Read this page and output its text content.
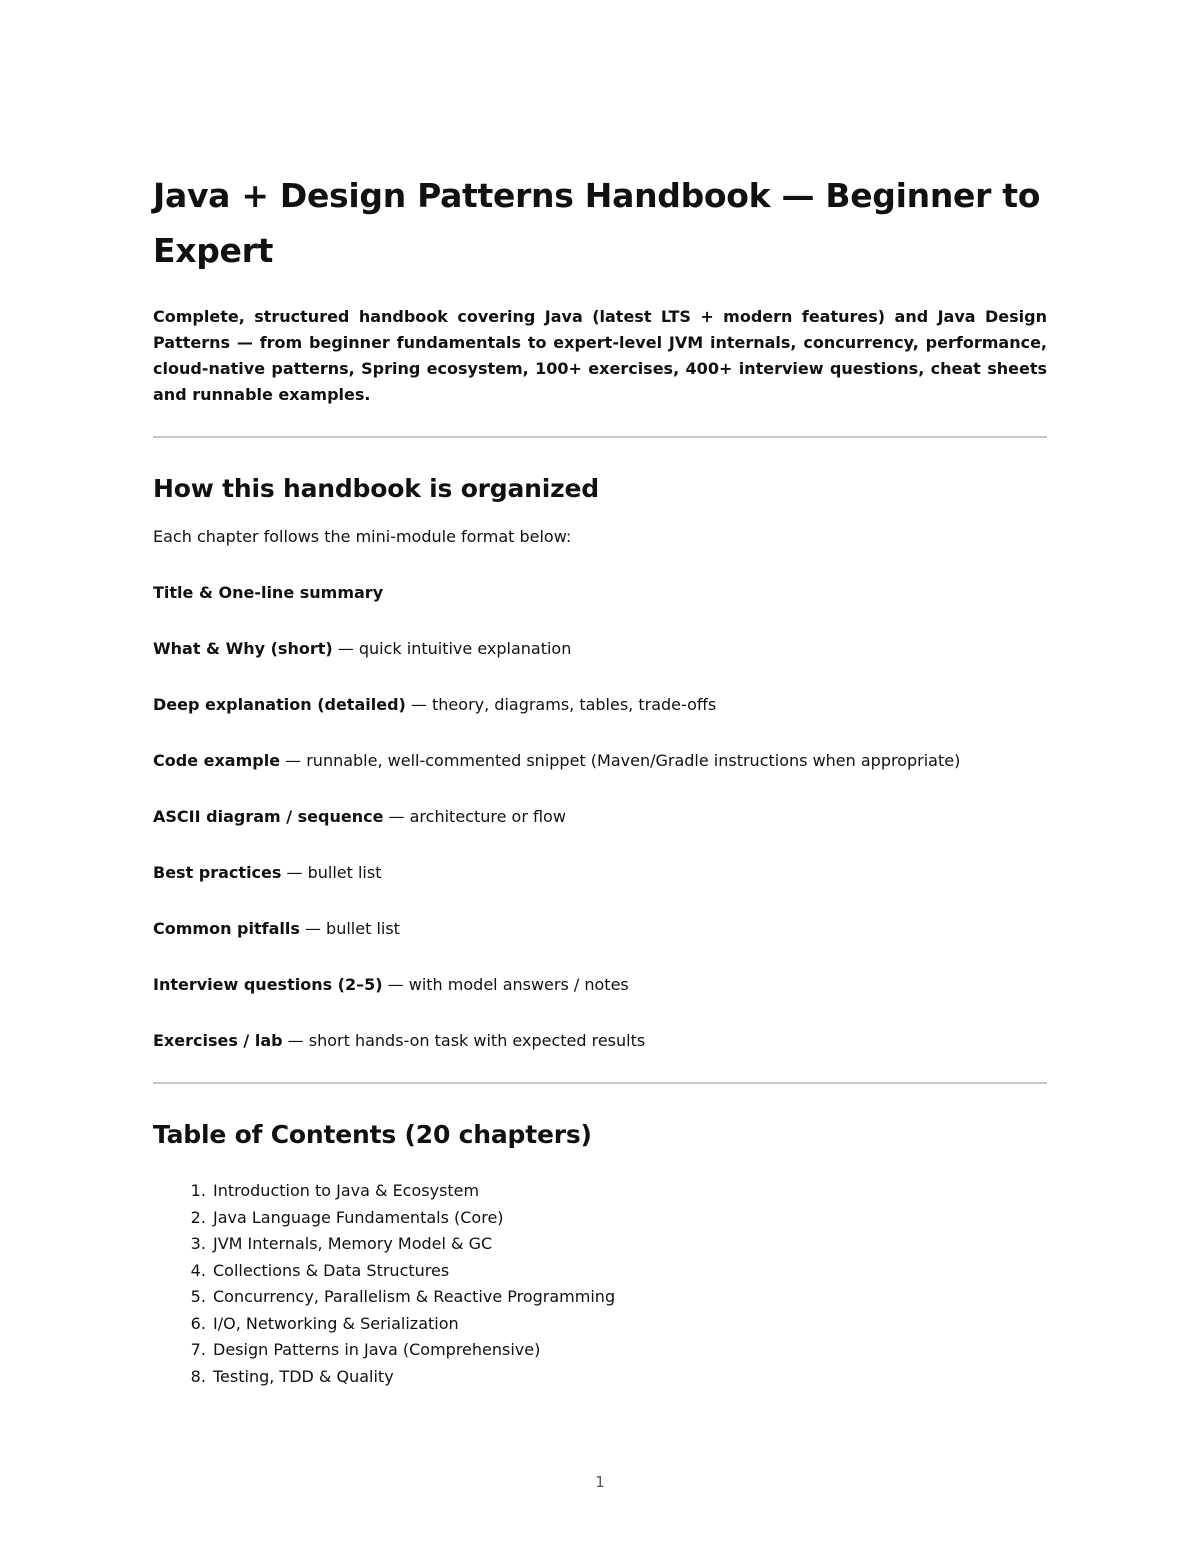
Java + Design Patterns Handbook — Beginner to Expert

Complete, structured handbook covering Java (latest LTS + modern features) and Java Design Patterns — from beginner fundamentals to expert-level JVM internals, concurrency, performance, cloud-native patterns, Spring ecosystem, 100+ exercises, 400+ interview questions, cheat sheets and runnable examples.

How this handbook is organized

Each chapter follows the mini-module format below:

Title & One-line summary

What & Why (short) — quick intuitive explanation

Deep explanation (detailed) — theory, diagrams, tables, trade-offs

Code example — runnable, well-commented snippet (Maven/Gradle instructions when appropriate)

ASCII diagram / sequence — architecture or flow

Best practices — bullet list

Common pitfalls — bullet list

Interview questions (2–5) — with model answers / notes

Exercises / lab — short hands-on task with expected results

Table of Contents (20 chapters)
1. Introduction to Java & Ecosystem
2. Java Language Fundamentals (Core)
3. JVM Internals, Memory Model & GC
4. Collections & Data Structures
5. Concurrency, Parallelism & Reactive Programming
6. I/O, Networking & Serialization
7. Design Patterns in Java (Comprehensive)
8. Testing, TDD & Quality
1
